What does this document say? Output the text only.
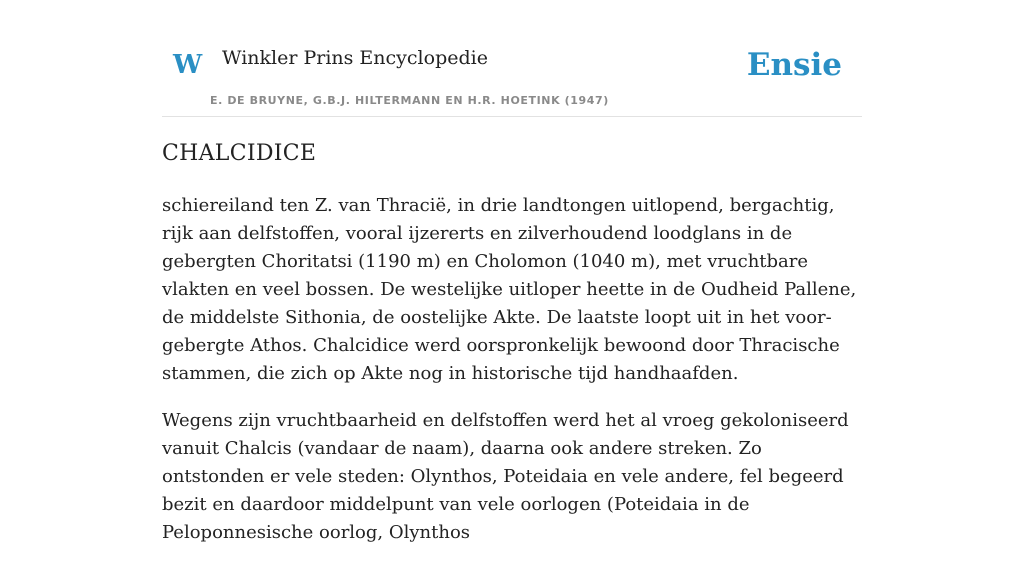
W Winkler Prins Encyclopedie
E. DE BRUYNE, G.B.J. HILTERMANN EN H.R. HOETINK (1947)
Ensie
CHALCIDICE

schiereiland ten Z. van Thracië, in drie landtongen uitlopend, bergachtig, rijk aan delfstoffen, vooral ijzererts en zilverhoudend loodglans in de gebergten Choritatsi (1190 m) en Cholomon (1040 m), met vruchtbare vlakten en veel bossen. De westelijke uitloper heette in de Oudheid Pallene, de middelste Sithonia, de oostelijke Akte. De laatste loopt uit in het voor-gebergte Athos. Chalcidice werd oorspronkelijk bewoond door Thracische stammen, die zich op Akte nog in historische tijd handhaafden.

Wegens zijn vruchtbaarheid en delfstoffen werd het al vroeg gekoloniseerd vanuit Chalcis (vandaar de naam), daarna ook andere streken. Zo ontstonden er vele steden: Olynthos, Poteidaia en vele andere, fel begeerd bezit en daardoor middelpunt van vele oorlogen (Poteidaia in de Peloponnesische oorlog, Olynthos
